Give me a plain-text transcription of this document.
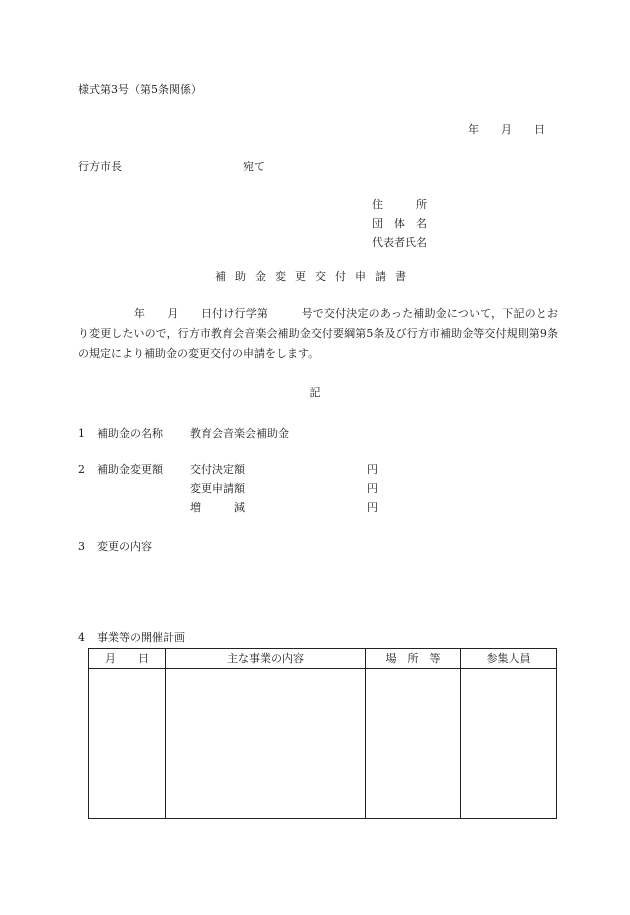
様式第3号（第5条関係）
年　　月　　日
行方市長	宛て
住　　　所
団　体　名
代表者氏名
補助金変更交付申請書
　　　　　年　　月　　日付け行学第　　　号で交付決定のあった補助金について，下記のとおり変更したいので，行方市教育会音楽会補助金交付要綱第5条及び行方市補助金等交付規則第9条の規定により補助金の変更交付の申請をします。
記
1 補助金の名称 教育会音楽会補助金
2 補助金変更額 交付決定額	円
変更申請額	円
増　　　減	円
3 変更の内容
4 事業等の開催計画
月　　日	主な事業の内容	場　所　等	参集人員
